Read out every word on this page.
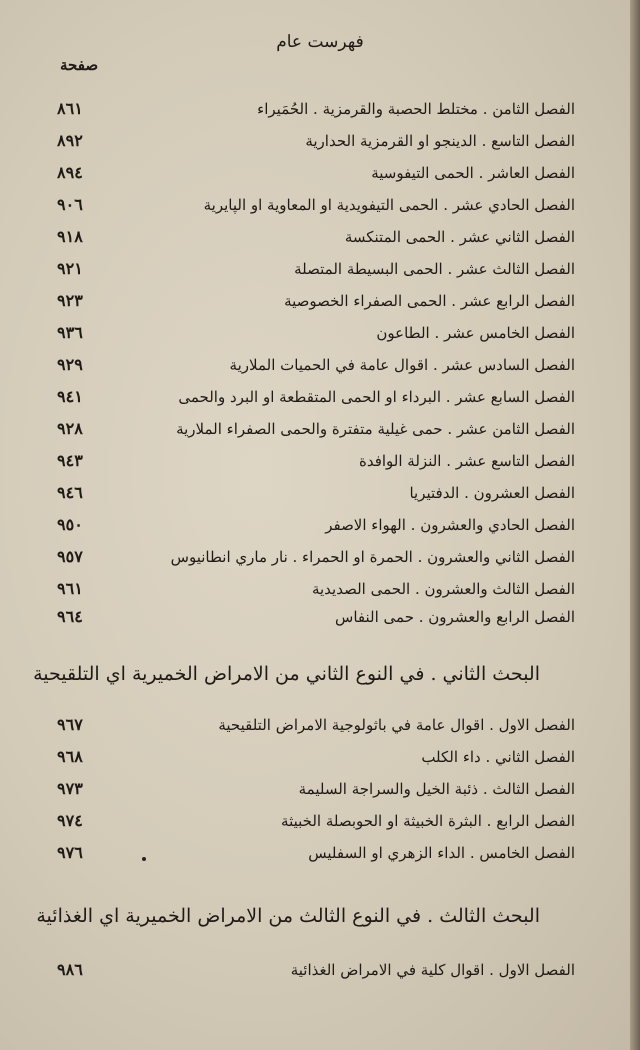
فهرست عام
صفحة
الفصل الثامن . مختلط الحصبة والقرمزية . الحُمَيراء
٨٦١
الفصل التاسع . الدينجو او القرمزية الحدارية
٨٩٢
الفصل العاشر . الحمى التيفوسية
٨٩٤
الفصل الحادي عشر . الحمى التيفويدية او المعاوية او الپايرية
٩٠٦
الفصل الثاني عشر . الحمى المتنكسة
٩١٨
الفصل الثالث عشر . الحمى البسيطة المتصلة
٩٢١
الفصل الرابع عشر . الحمى الصفراء الخصوصية
٩٢٣
الفصل الخامس عشر . الطاعون
٩٣٦
الفصل السادس عشر . اقوال عامة في الحميات الملارية
٩٢٩
الفصل السابع عشر . البرداء او الحمى المتقطعة او البرد والحمى
٩٤١
الفصل الثامن عشر . حمى غيلية متفترة والحمى الصفراء الملارية
٩٢٨
الفصل التاسع عشر . النزلة الوافدة
٩٤٣
الفصل العشرون . الدفتيريا
٩٤٦
الفصل الحادي والعشرون . الهواء الاصفر
٩٥٠
الفصل الثاني والعشرون . الحمرة او الحمراء . نار ماري انطانيوس
٩٥٧
الفصل الثالث والعشرون . الحمى الصديدية
٩٦١
الفصل الرابع والعشرون . حمى النفاس
٩٦٤
البحث الثاني . في النوع الثاني من الامراض الخميرية اي التلقيحية
الفصل الاول . اقوال عامة في باثولوجية الامراض التلقيحية
٩٦٧
الفصل الثاني . داء الكلب
٩٦٨
الفصل الثالث . ذئبة الخيل والسراجة السليمة
٩٧٣
الفصل الرابع . البثرة الخبيثة او الحوبصلة الخبيثة
٩٧٤
الفصل الخامس . الداء الزهري او السفليس
٩٧٦
البحث الثالث . في النوع الثالث من الامراض الخميرية اي الغذائية
الفصل الاول . اقوال كلية في الامراض الغذائية
٩٨٦
